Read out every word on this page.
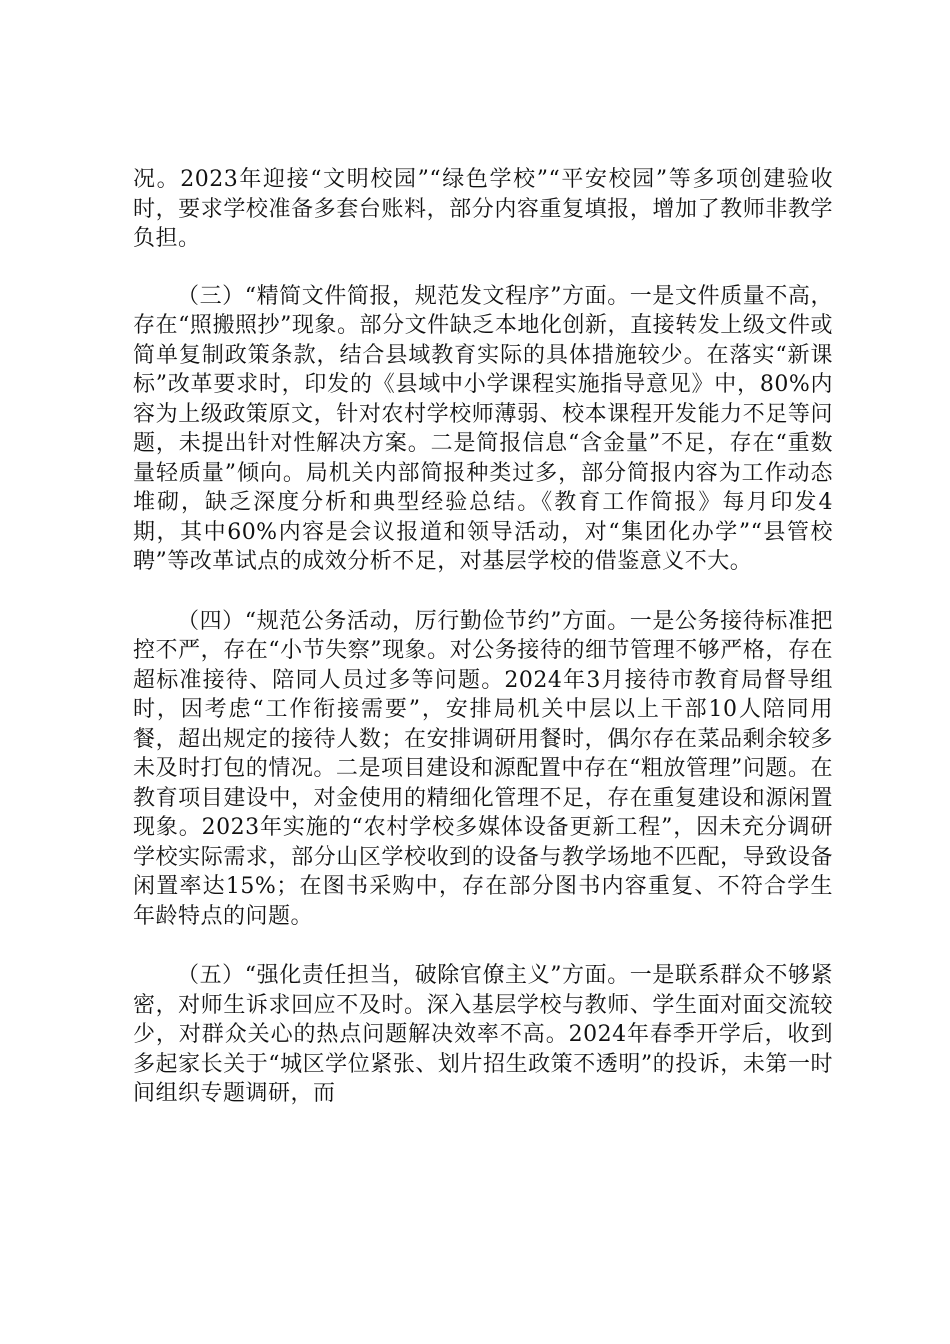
况。2023年迎接“文明校园”“绿色学校”“平安校园”等多项创建验收时，要求学校准备多套台账料，部分内容重复填报，增加了教师非教学负担。

（三）“精简文件简报，规范发文程序”方面。一是文件质量不高，存在“照搬照抄”现象。部分文件缺乏本地化创新，直接转发上级文件或简单复制政策条款，结合县域教育实际的具体措施较少。在落实“新课标”改革要求时，印发的《县域中小学课程实施指导意见》中，80%内容为上级政策原文，针对农村学校师薄弱、校本课程开发能力不足等问题，未提出针对性解决方案。二是简报信息“含金量”不足，存在“重数量轻质量”倾向。局机关内部简报种类过多，部分简报内容为工作动态堆砌，缺乏深度分析和典型经验总结。《教育工作简报》每月印发4期，其中60%内容是会议报道和领导活动，对“集团化办学”“县管校聘”等改革试点的成效分析不足，对基层学校的借鉴意义不大。

（四）“规范公务活动，厉行勤俭节约”方面。一是公务接待标准把控不严，存在“小节失察”现象。对公务接待的细节管理不够严格，存在超标准接待、陪同人员过多等问题。2024年3月接待市教育局督导组时，因考虑“工作衔接需要”，安排局机关中层以上干部10人陪同用餐，超出规定的接待人数；在安排调研用餐时，偶尔存在菜品剩余较多未及时打包的情况。二是项目建设和源配置中存在“粗放管理”问题。在教育项目建设中，对金使用的精细化管理不足，存在重复建设和源闲置现象。2023年实施的“农村学校多媒体设备更新工程”，因未充分调研学校实际需求，部分山区学校收到的设备与教学场地不匹配，导致设备闲置率达15%；在图书采购中，存在部分图书内容重复、不符合学生年龄特点的问题。

（五）“强化责任担当，破除官僚主义”方面。一是联系群众不够紧密，对师生诉求回应不及时。深入基层学校与教师、学生面对面交流较少，对群众关心的热点问题解决效率不高。2024年春季开学后，收到多起家长关于“城区学位紧张、划片招生政策不透明”的投诉，未第一时间组织专题调研，而
